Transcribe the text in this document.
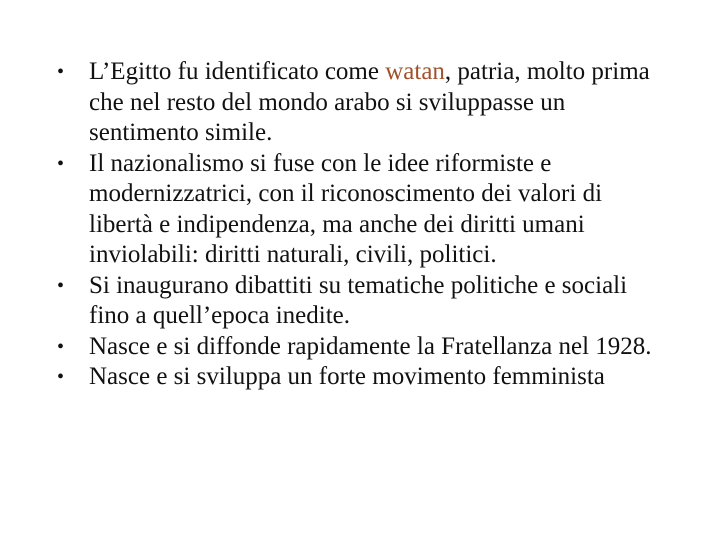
• L’Egitto fu identificato come watan, patria, molto prima che nel resto del mondo arabo si sviluppasse un sentimento simile.
• Il nazionalismo si fuse con le idee riformiste e modernizzatrici, con il riconoscimento dei valori di libertà e indipendenza, ma anche dei diritti umani inviolabili: diritti naturali, civili, politici.
• Si inaugurano dibattiti su tematiche politiche e sociali fino a quell’epoca inedite.
• Nasce e si diffonde rapidamente la Fratellanza nel 1928.
• Nasce e si sviluppa un forte movimento femminista
